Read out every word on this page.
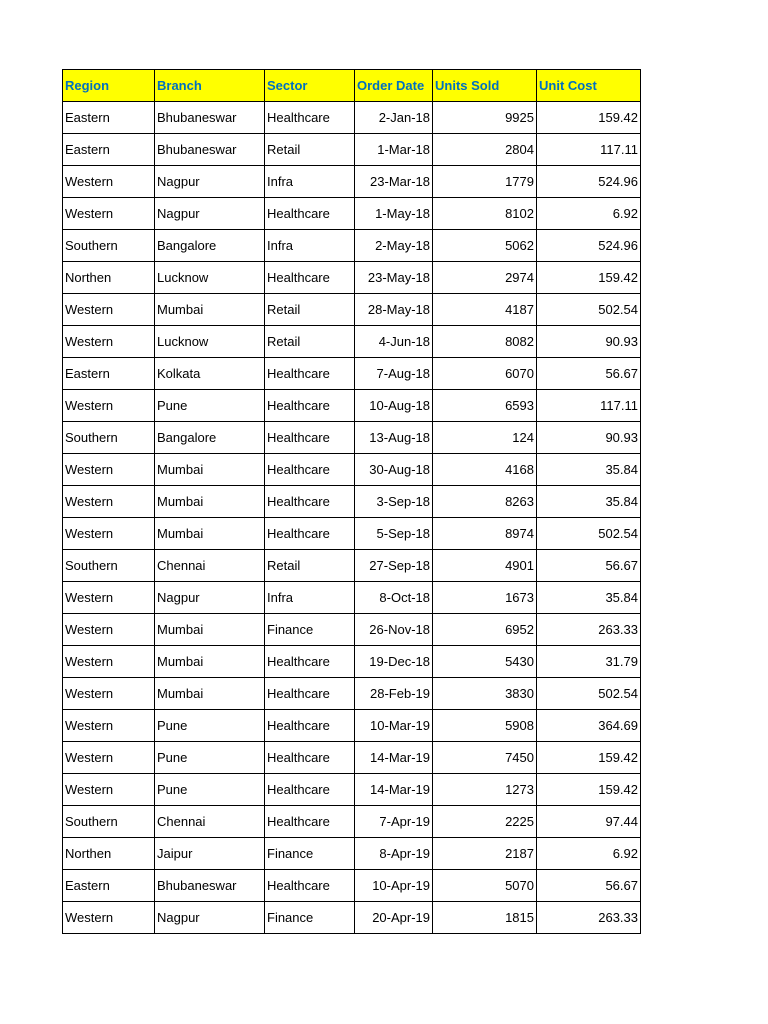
Region	Branch	Sector	Order Date	Units Sold	Unit Cost
Eastern	Bhubaneswar	Healthcare	2-Jan-18	9925	159.42
Eastern	Bhubaneswar	Retail	1-Mar-18	2804	117.11
Western	Nagpur	Infra	23-Mar-18	1779	524.96
Western	Nagpur	Healthcare	1-May-18	8102	6.92
Southern	Bangalore	Infra	2-May-18	5062	524.96
Northen	Lucknow	Healthcare	23-May-18	2974	159.42
Western	Mumbai	Retail	28-May-18	4187	502.54
Western	Lucknow	Retail	4-Jun-18	8082	90.93
Eastern	Kolkata	Healthcare	7-Aug-18	6070	56.67
Western	Pune	Healthcare	10-Aug-18	6593	117.11
Southern	Bangalore	Healthcare	13-Aug-18	124	90.93
Western	Mumbai	Healthcare	30-Aug-18	4168	35.84
Western	Mumbai	Healthcare	3-Sep-18	8263	35.84
Western	Mumbai	Healthcare	5-Sep-18	8974	502.54
Southern	Chennai	Retail	27-Sep-18	4901	56.67
Western	Nagpur	Infra	8-Oct-18	1673	35.84
Western	Mumbai	Finance	26-Nov-18	6952	263.33
Western	Mumbai	Healthcare	19-Dec-18	5430	31.79
Western	Mumbai	Healthcare	28-Feb-19	3830	502.54
Western	Pune	Healthcare	10-Mar-19	5908	364.69
Western	Pune	Healthcare	14-Mar-19	7450	159.42
Western	Pune	Healthcare	14-Mar-19	1273	159.42
Southern	Chennai	Healthcare	7-Apr-19	2225	97.44
Northen	Jaipur	Finance	8-Apr-19	2187	6.92
Eastern	Bhubaneswar	Healthcare	10-Apr-19	5070	56.67
Western	Nagpur	Finance	20-Apr-19	1815	263.33
